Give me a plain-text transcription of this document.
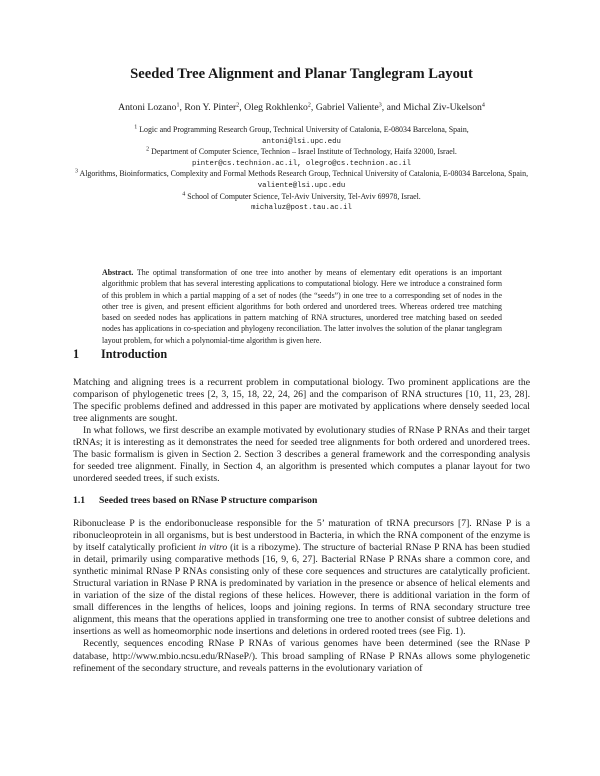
Seeded Tree Alignment and Planar Tanglegram Layout
Antoni Lozano$^1$, Ron Y. Pinter$^2$, Oleg Rokhlenko$^2$, Gabriel Valiente$^3$, and Michal Ziv-Ukelson$^4$

$^1$ Logic and Programming Research Group, Technical University of Catalonia, E-08034 Barcelona, Spain,
antoni@lsi.upc.edu

$^2$ Department of Computer Science, Technion – Israel Institute of Technology, Haifa 32000, Israel.
pinter@cs.technion.ac.il, olegro@cs.technion.ac.il

$^3$ Algorithms, Bioinformatics, Complexity and Formal Methods Research Group, Technical University of Catalonia, E-08034 Barcelona, Spain, valiente@lsi.upc.edu

$^4$ School of Computer Science, Tel-Aviv University, Tel-Aviv 69978, Israel.
michaluz@post.tau.ac.il

Abstract. The optimal transformation of one tree into another by means of elementary edit operations is an important algorithmic problem that has several interesting applications to computational biology. Here we introduce a constrained form of this problem in which a partial mapping of a set of nodes (the “seeds”) in one tree to a corresponding set of nodes in the other tree is given, and present efficient algorithms for both ordered and unordered trees. Whereas ordered tree matching based on seeded nodes has applications in pattern matching of RNA structures, unordered tree matching based on seeded nodes has applications in co-speciation and phylogeny reconciliation. The latter involves the solution of the planar tanglegram layout problem, for which a polynomial-time algorithm is given here.

1 Introduction

Matching and aligning trees is a recurrent problem in computational biology. Two prominent applications are the comparison of phylogenetic trees [2, 3, 15, 18, 22, 24, 26] and the comparison of RNA structures [10, 11, 23, 28]. The specific problems defined and addressed in this paper are motivated by applications where densely seeded local tree alignments are sought.

In what follows, we first describe an example motivated by evolutionary studies of RNase P RNAs and their target tRNAs; it is interesting as it demonstrates the need for seeded tree alignments for both ordered and unordered trees. The basic formalism is given in Section 2. Section 3 describes a general framework and the corresponding analysis for seeded tree alignment. Finally, in Section 4, an algorithm is presented which computes a planar layout for two unordered seeded trees, if such exists.

1.1 Seeded trees based on RNase P structure comparison

Ribonuclease P is the endoribonuclease responsible for the 5’ maturation of tRNA precursors [7]. RNase P is a ribonucleoprotein in all organisms, but is best understood in Bacteria, in which the RNA component of the enzyme is by itself catalytically proficient in vitro (it is a ribozyme). The structure of bacterial RNase P RNA has been studied in detail, primarily using comparative methods [16, 9, 6, 27]. Bacterial RNase P RNAs share a common core, and synthetic minimal RNase P RNAs consisting only of these core sequences and structures are catalytically proficient. Structural variation in RNase P RNA is predominated by variation in the presence or absence of helical elements and in variation of the size of the distal regions of these helices. However, there is additional variation in the form of small differences in the lengths of helices, loops and joining regions. In terms of RNA secondary structure tree alignment, this means that the operations applied in transforming one tree to another consist of subtree deletions and insertions as well as homeomorphic node insertions and deletions in ordered rooted trees (see Fig. 1).

Recently, sequences encoding RNase P RNAs of various genomes have been determined (see the RNase P database, http://www.mbio.ncsu.edu/RNaseP/). This broad sampling of RNase P RNAs allows some phylogenetic refinement of the secondary structure, and reveals patterns in the evolutionary variation of
